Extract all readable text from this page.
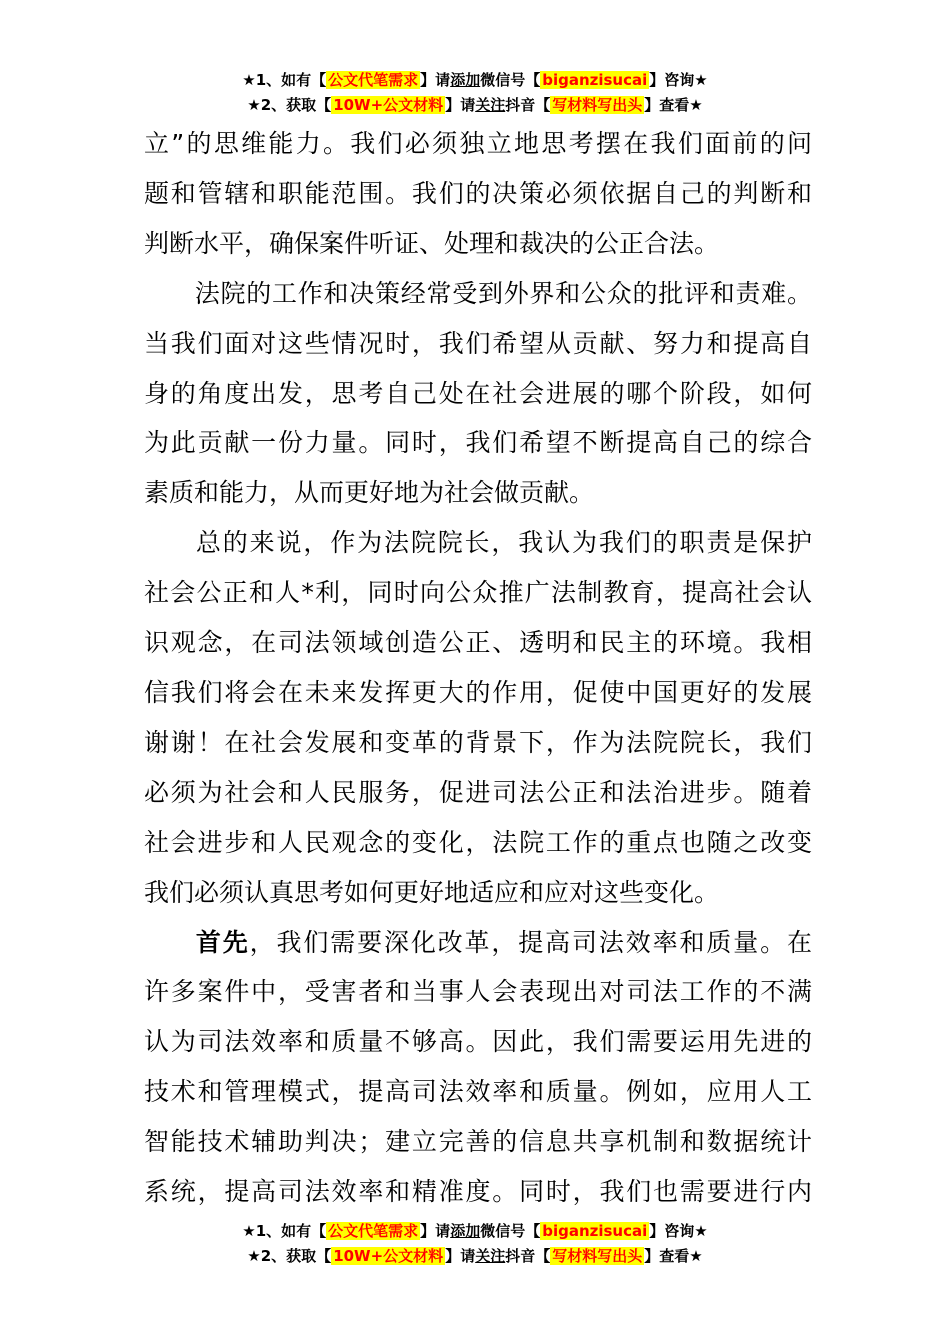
★1、如有【 公文代笔需求 】请添加微信号【 biganzisucai 】咨询★
★2、获取【 10W+公文材料 】请关注抖音【 写材料写出头 】查看★

立”的思维能力。我们必须独立地思考摆在我们面前的问

题和管辖和职能范围。我们的决策必须依据自己的判断和

判断水平，确保案件听证、处理和裁决的公正合法。

法院的工作和决策经常受到外界和公众的批评和责难。

当我们面对这些情况时，我们希望从贡献、努力和提高自

身的角度出发，思考自己处在社会进展的哪个阶段，如何

为此贡献一份力量。同时，我们希望不断提高自己的综合

素质和能力，从而更好地为社会做贡献。

总的来说，作为法院院长，我认为我们的职责是保护

社会公正和人*利，同时向公众推广法制教育，提高社会认

识观念，在司法领域创造公正、透明和民主的环境。我相

信我们将会在未来发挥更大的作用，促使中国更好的发展

谢谢！在社会发展和变革的背景下，作为法院院长，我们

必须为社会和人民服务，促进司法公正和法治进步。随着

社会进步和人民观念的变化，法院工作的重点也随之改变

我们必须认真思考如何更好地适应和应对这些变化。

首先，我们需要深化改革，提高司法效率和质量。在

许多案件中，受害者和当事人会表现出对司法工作的不满

认为司法效率和质量不够高。因此，我们需要运用先进的

技术和管理模式，提高司法效率和质量。例如，应用人工

智能技术辅助判决；建立完善的信息共享机制和数据统计

系统，提高司法效率和精准度。同时，我们也需要进行内

★1、如有【 公文代笔需求 】请添加微信号【 biganzisucai 】咨询★
★2、获取【 10W+公文材料 】请关注抖音【 写材料写出头 】查看★
